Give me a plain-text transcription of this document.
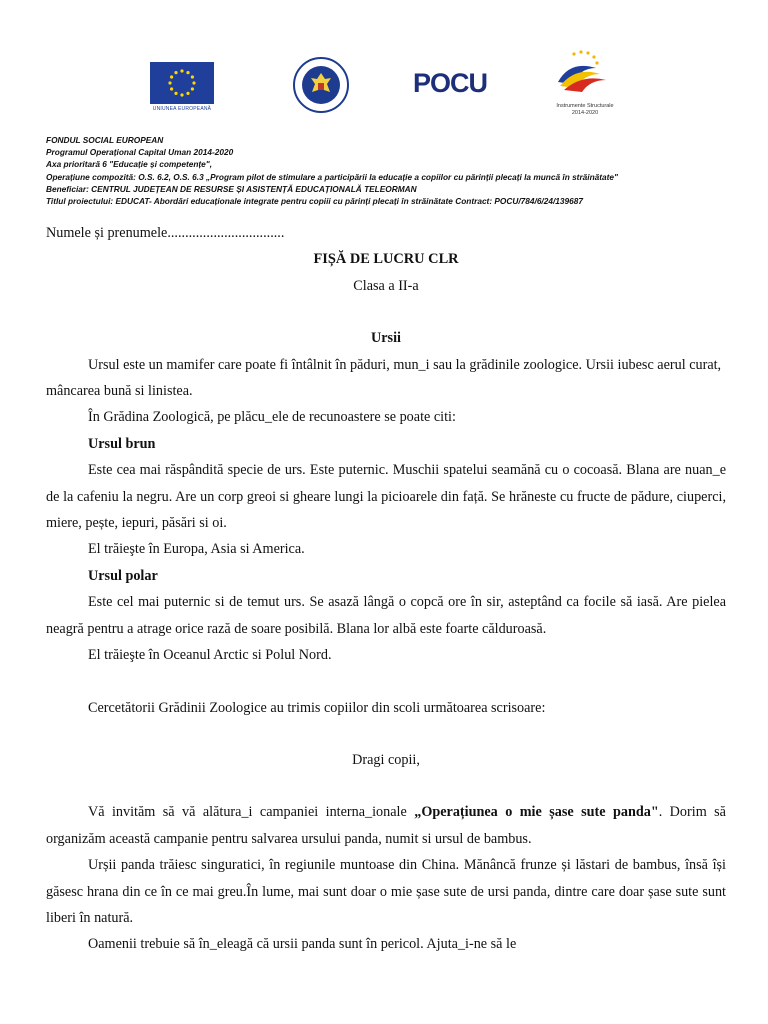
UNIUNEA EUROPEANĂ
POCU
Instrumente Structurale
2014-2020
FONDUL SOCIAL EUROPEAN
Programul Operațional Capital Uman 2014-2020
Axa prioritară 6 "Educație și competențe",
Operațiune compozită: O.S. 6.2, O.S. 6.3 „Program pilot de stimulare a participării la educație a copiilor cu părinții plecați la muncă în străinătate"
Beneficiar: CENTRUL JUDEȚEAN DE RESURSE ȘI ASISTENȚĂ EDUCAȚIONALĂ TELEORMAN
Titlul proiectului: EDUCAT- Abordări educaționale integrate pentru copiii cu părinți plecați în străinătate Contract: POCU/784/6/24/139687

Numele și prenumele.................................

FIȘĂ DE LUCRU CLR

Clasa a II-a

Ursii

Ursul este un mamifer care poate fi întâlnit în păduri, mun_i sau la grădinile zoologice. Ursii iubesc aerul curat, mâncarea bună si linistea.

În Grădina Zoologică, pe plăcu_ele de recunoastere se poate citi:

Ursul brun

Este cea mai răspândită specie de urs. Este puternic. Muschii spatelui seamănă cu o cocoasă. Blana are nuan_e de la cafeniu la negru. Are un corp greoi si gheare lungi la picioarele din față. Se hrăneste cu fructe de pădure, ciuperci, miere, pește, iepuri, păsări si oi.

El trăieşte în Europa, Asia si America.

Ursul polar

Este cel mai puternic si de temut urs. Se asază lângă o copcă ore în sir, asteptând ca focile să iasă. Are pielea neagră pentru a atrage orice rază de soare posibilă. Blana lor albă este foarte călduroasă.

El trăieşte în Oceanul Arctic si Polul Nord.

Cercetătorii Grădinii Zoologice au trimis copiilor din scoli următoarea scrisoare:

Dragi copii,

Vă invităm să vă alătura_i campaniei interna_ionale „Operațiunea o mie șase sute panda". Dorim să organizăm această campanie pentru salvarea ursului panda, numit si ursul de bambus.

Urșii panda trăiesc singuratici, în regiunile muntoase din China. Mănâncă frunze și lăstari de bambus, însă își găsesc hrana din ce în ce mai greu.În lume, mai sunt doar o mie șase sute de ursi panda, dintre care doar șase sute sunt liberi în natură.

Oamenii trebuie să în_eleagă că ursii panda sunt în pericol. Ajuta_i-ne să le
